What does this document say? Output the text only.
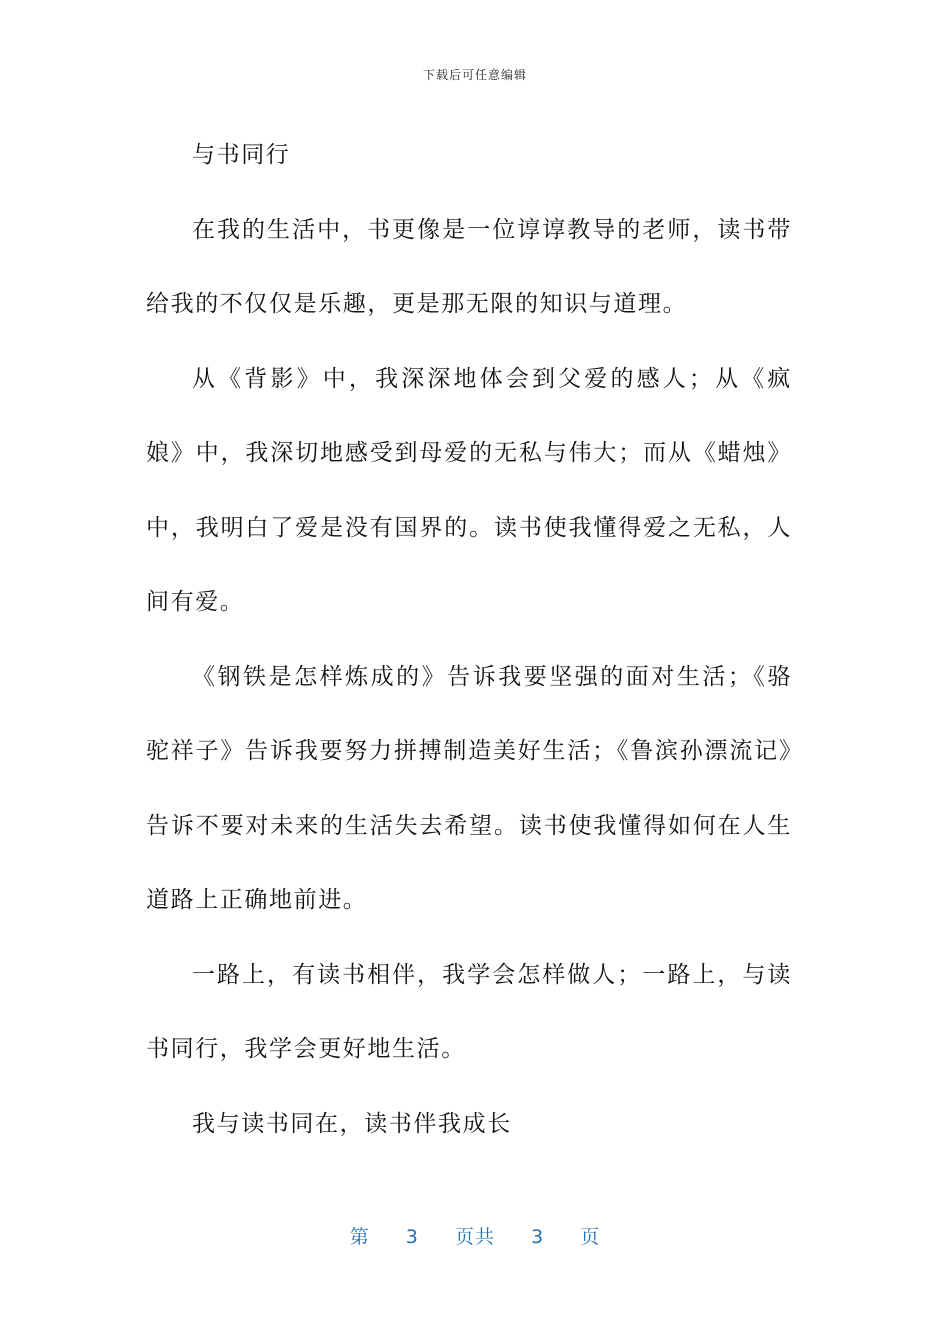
下载后可任意编辑

与书同行

在我的生活中，书更像是一位谆谆教导的老师，读书带给我的不仅仅是乐趣，更是那无限的知识与道理。

从《背影》中，我深深地体会到父爱的感人；从《疯娘》中，我深切地感受到母爱的无私与伟大；而从《蜡烛》中，我明白了爱是没有国界的。读书使我懂得爱之无私，人间有爱。

《钢铁是怎样炼成的》告诉我要坚强的面对生活；《骆驼祥子》告诉我要努力拼搏制造美好生活；《鲁滨孙漂流记》告诉不要对未来的生活失去希望。读书使我懂得如何在人生道路上正确地前进。

一路上，有读书相伴，我学会怎样做人；一路上，与读书同行，我学会更好地生活。

我与读书同在，读书伴我成长

第 3 页共 3 页
